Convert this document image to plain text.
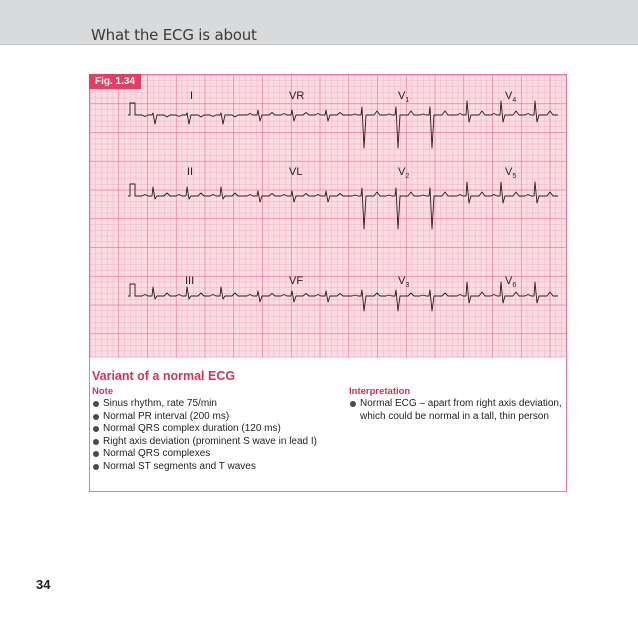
What the ECG is about
I	VR	$V_1$	$V_4$
II	VL	$V_2$	$V_5$
III	VF	$V_3$	$V_6$
Fig. 1.34
Variant of a normal ECG
Note
Sinus rhythm, rate 75/min
Normal PR interval (200 ms)
Normal QRS complex duration (120 ms)
Right axis deviation (prominent S wave in lead I)
Normal QRS complexes
Normal ST segments and T waves
Interpretation
Normal ECG – apart from right axis deviation, which could be normal in a tall, thin person
34
